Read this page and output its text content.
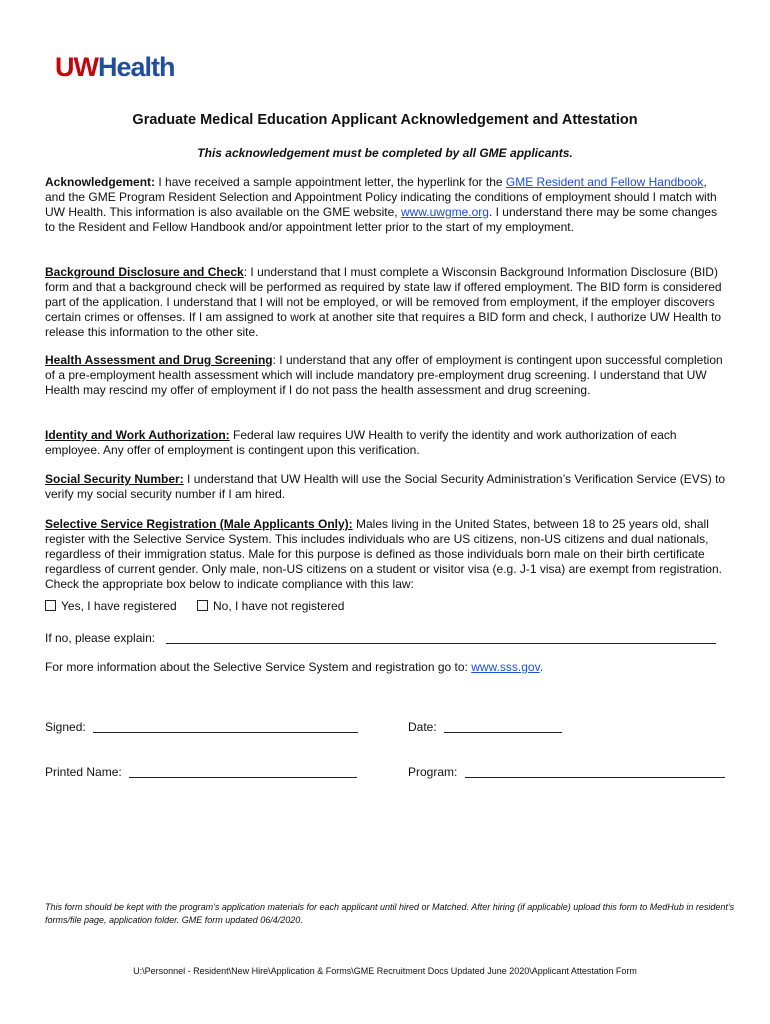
UWHealth
Graduate Medical Education Applicant Acknowledgement and Attestation
This acknowledgement must be completed by all GME applicants.
Acknowledgement: I have received a sample appointment letter, the hyperlink for the GME Resident and Fellow Handbook, and the GME Program Resident Selection and Appointment Policy indicating the conditions of employment should I match with UW Health. This information is also available on the GME website, www.uwgme.org. I understand there may be some changes to the Resident and Fellow Handbook and/or appointment letter prior to the start of my employment.
Background Disclosure and Check: I understand that I must complete a Wisconsin Background Information Disclosure (BID) form and that a background check will be performed as required by state law if offered employment. The BID form is considered part of the application. I understand that I will not be employed, or will be removed from employment, if the employer discovers certain crimes or offenses. If I am assigned to work at another site that requires a BID form and check, I authorize UW Health to release this information to the other site.
Health Assessment and Drug Screening: I understand that any offer of employment is contingent upon successful completion of a pre-employment health assessment which will include mandatory pre-employment drug screening. I understand that UW Health may rescind my offer of employment if I do not pass the health assessment and drug screening.
Identity and Work Authorization: Federal law requires UW Health to verify the identity and work authorization of each employee. Any offer of employment is contingent upon this verification.
Social Security Number: I understand that UW Health will use the Social Security Administration’s Verification Service (EVS) to verify my social security number if I am hired.
Selective Service Registration (Male Applicants Only): Males living in the United States, between 18 to 25 years old, shall register with the Selective Service System. This includes individuals who are US citizens, non-US citizens and dual nationals, regardless of their immigration status. Male for this purpose is defined as those individuals born male on their birth certificate regardless of current gender. Only male, non-US citizens on a student or visitor visa (e.g. J-1 visa) are exempt from registration. Check the appropriate box below to indicate compliance with this law:
Yes, I have registered	No, I have not registered
If no, please explain:
For more information about the Selective Service System and registration go to: www.sss.gov.
Signed:	Date:
Printed Name:	Program:
This form should be kept with the program’s application materials for each applicant until hired or Matched. After hiring (if applicable) upload this form to MedHub in resident’s forms/file page, application folder. GME form updated 06/4/2020.
U:\Personnel - Resident\New Hire\Application & Forms\GME Recruitment Docs Updated June 2020\Applicant Attestation Form
